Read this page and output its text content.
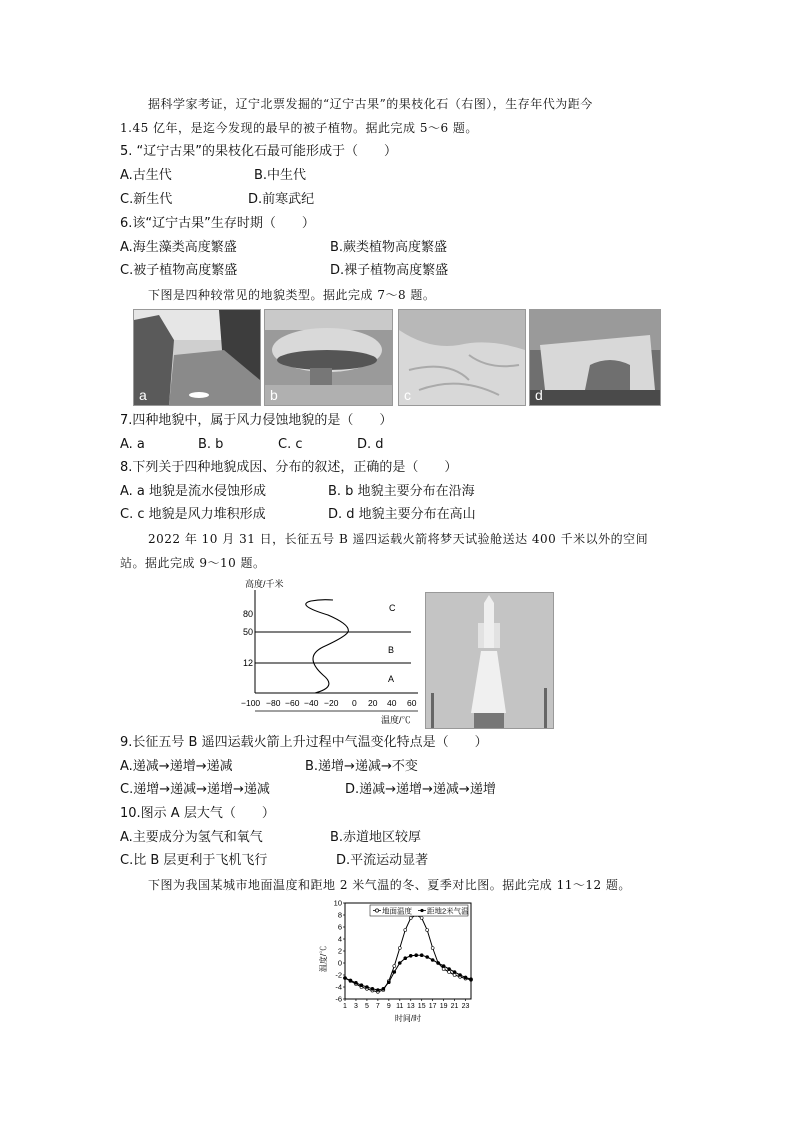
据科学家考证，辽宁北票发掘的“辽宁古果”的果枝化石（右图），生存年代为距今
1.45 亿年，是迄今发现的最早的被子植物。据此完成 5～6 题。
5. “辽宁古果”的果枝化石最可能形成于（　　）
A.古生代	B.中生代
C.新生代	D.前寒武纪
6.该“辽宁古果”生存时期（　　）
A.海生藻类高度繁盛	B.蕨类植物高度繁盛
C.被子植物高度繁盛	D.裸子植物高度繁盛
下图是四种较常见的地貌类型。据此完成 7～8 题。
a	b	c	d
7.四种地貌中，属于风力侵蚀地貌的是（　　）
A. a	B. b	C. c	D. d
8.下列关于四种地貌成因、分布的叙述，正确的是（　　）
A. a 地貌是流水侵蚀形成	B. b 地貌主要分布在沿海
C. c 地貌是风力堆积形成	D. d 地貌主要分布在高山
2022 年 10 月 31 日，长征五号 B 遥四运载火箭将梦天试验舱送达 400 千米以外的空间
站。据此完成 9～10 题。
高度/千米
80
50
12
C
B
A
−100 −80 −60 −40 −20 0 20 40 60
温度/℃
9.长征五号 B 遥四运载火箭上升过程中气温变化特点是（　　）
A.递减→递增→递减	B.递增→递减→不变
C.递增→递减→递增→递减	D.递减→递增→递减→递增
10.图示 A 层大气（　　）
A.主要成分为氢气和氧气	B.赤道地区较厚
C.比 B 层更利于飞机飞行	D.平流运动显著
下图为我国某城市地面温度和距地 2 米气温的冬、夏季对比图。据此完成 11～12 题。
-6
-4
-2
0
2
4
6
8
10
1 3 5 7 9 11 13 15 17 19 21 23
温度/℃
时间/时
地面温度 距地2米气温
